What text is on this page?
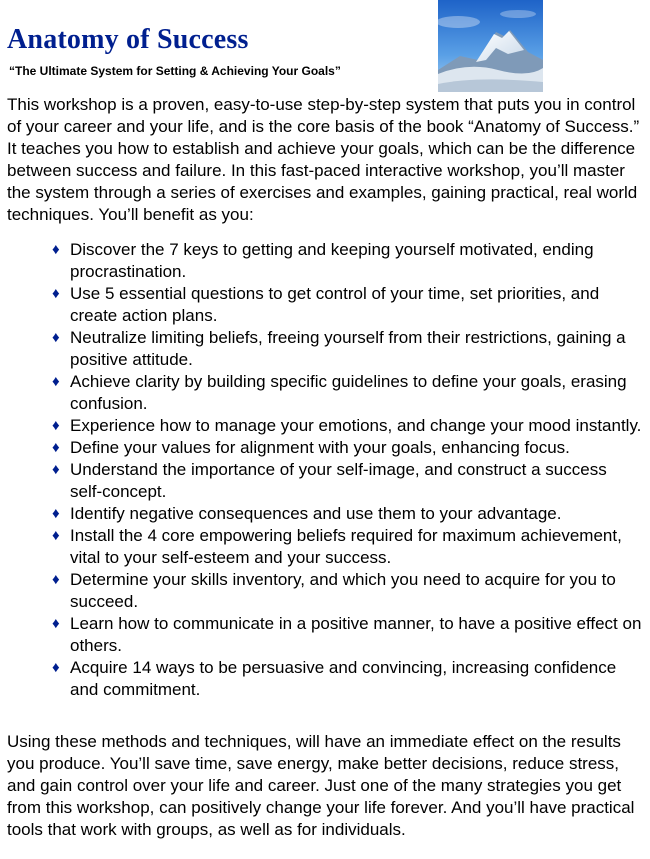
Anatomy of Success

“The Ultimate System for Setting & Achieving Your Goals”

This workshop is a proven, easy-to-use step-by-step system that puts you in control of your career and your life, and is the core basis of the book “Anatomy of Success.” It teaches you how to establish and achieve your goals, which can be the difference between success and failure. In this fast-paced interactive workshop, you’ll master the system through a series of exercises and examples, gaining practical, real world techniques. You’ll benefit as you:

♦ Discover the 7 keys to getting and keeping yourself motivated, ending procrastination.
♦ Use 5 essential questions to get control of your time, set priorities, and create action plans.
♦ Neutralize limiting beliefs, freeing yourself from their restrictions, gaining a positive attitude.
♦ Achieve clarity by building specific guidelines to define your goals, erasing confusion.
♦ Experience how to manage your emotions, and change your mood instantly.
♦ Define your values for alignment with your goals, enhancing focus.
♦ Understand the importance of your self-image, and construct a success self-concept.
♦ Identify negative consequences and use them to your advantage.
♦ Install the 4 core empowering beliefs required for maximum achievement, vital to your self-esteem and your success.
♦ Determine your skills inventory, and which you need to acquire for you to succeed.
♦ Learn how to communicate in a positive manner, to have a positive effect on others.
♦ Acquire 14 ways to be persuasive and convincing, increasing confidence and commitment.

Using these methods and techniques, will have an immediate effect on the results you produce. You’ll save time, save energy, make better decisions, reduce stress, and gain control over your life and career. Just one of the many strategies you get from this workshop, can positively change your life forever. And you’ll have practical tools that work with groups, as well as for individuals.
